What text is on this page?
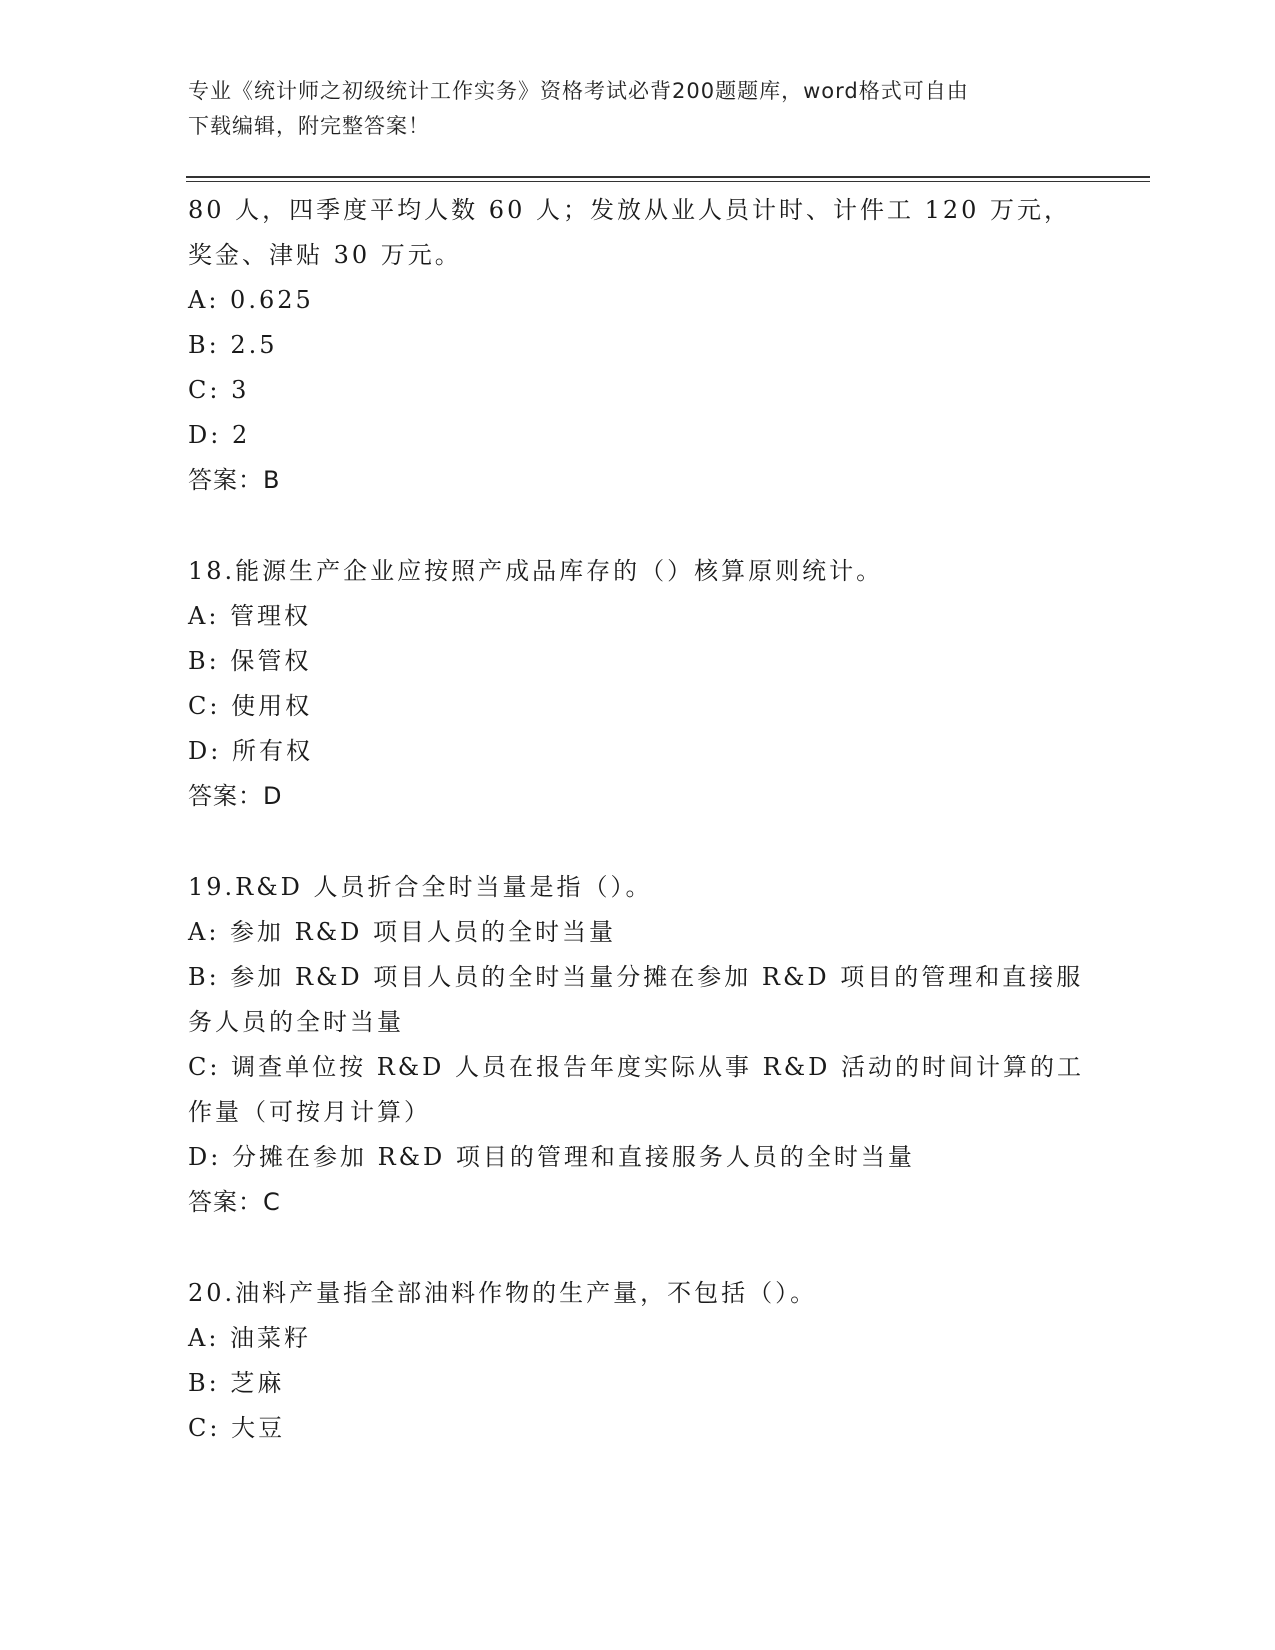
专业《统计师之初级统计工作实务》资格考试必背200题题库，word格式可自由
下载编辑，附完整答案！
80 人，四季度平均人数 60 人；发放从业人员计时、计件工 120 万元，
奖金、津贴 30 万元。
A: 0.625
B: 2.5
C: 3
D: 2
答案：B
18.能源生产企业应按照产成品库存的（）核算原则统计。
A: 管理权
B: 保管权
C: 使用权
D: 所有权
答案：D
19.R&D 人员折合全时当量是指（）。
A: 参加 R&D 项目人员的全时当量
B: 参加 R&D 项目人员的全时当量分摊在参加 R&D 项目的管理和直接服
务人员的全时当量
C: 调查单位按 R&D 人员在报告年度实际从事 R&D 活动的时间计算的工
作量（可按月计算）
D: 分摊在参加 R&D 项目的管理和直接服务人员的全时当量
答案：C
20.油料产量指全部油料作物的生产量，不包括（）。
A: 油菜籽
B: 芝麻
C: 大豆
